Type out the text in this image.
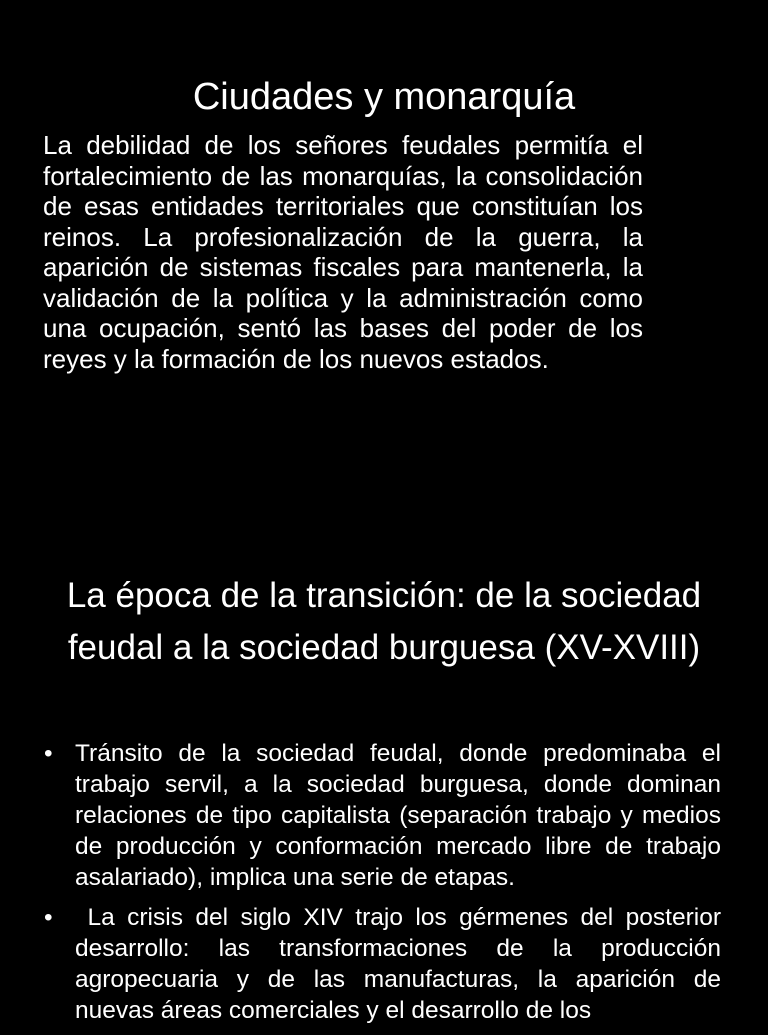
Ciudades y monarquía

La debilidad de los señores feudales permitía el fortalecimiento de las monarquías, la consolidación de esas entidades territoriales que constituían los reinos. La profesionalización de la guerra, la aparición de sistemas fiscales para mantenerla, la validación de la política y la administración como una ocupación, sentó las bases del poder de los reyes y la formación de los nuevos estados.

La época de la transición: de la sociedad feudal a la sociedad burguesa (XV-XVIII)
• Tránsito de la sociedad feudal, donde predominaba el trabajo servil, a la sociedad burguesa, donde dominan relaciones de tipo capitalista (separación trabajo y medios de producción y conformación mercado libre de trabajo asalariado), implica una serie de etapas.
• La crisis del siglo XIV trajo los gérmenes del posterior desarrollo: las transformaciones de la producción agropecuaria y de las manufacturas, la aparición de nuevas áreas comerciales y el desarrollo de los
